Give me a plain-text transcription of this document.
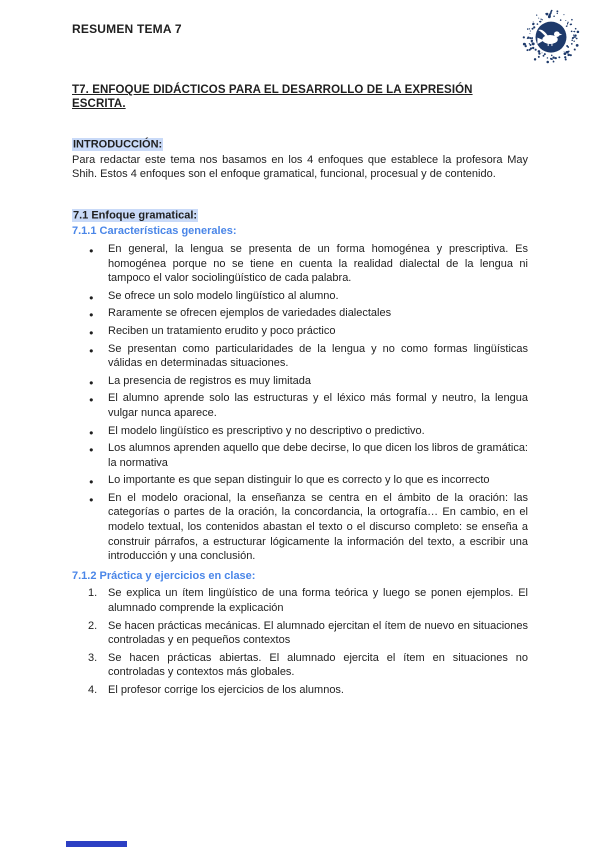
RESUMEN TEMA 7
T7. ENFOQUE DIDÁCTICOS PARA EL DESARROLLO DE LA EXPRESIÓN ESCRITA.
INTRODUCCIÓN:

Para redactar este tema nos basamos en los 4 enfoques que establece la profesora May Shih. Estos 4 enfoques son el enfoque gramatical, funcional, procesual y de contenido.

7.1 Enfoque gramatical:
7.1.1 Características generales:
● En general, la lengua se presenta de un forma homogénea y prescriptiva. Es homogénea porque no se tiene en cuenta la realidad dialectal de la lengua ni tampoco el valor sociolingüístico de cada palabra.
● Se ofrece un solo modelo lingüístico al alumno.
● Raramente se ofrecen ejemplos de variedades dialectales
● Reciben un tratamiento erudito y poco práctico
● Se presentan como particularidades de la lengua y no como formas lingüísticas válidas en determinadas situaciones.
● La presencia de registros es muy limitada
● El alumno aprende solo las estructuras y el léxico más formal y neutro, la lengua vulgar nunca aparece.
● El modelo lingüístico es prescriptivo y no descriptivo o predictivo.
● Los alumnos aprenden aquello que debe decirse, lo que dicen los libros de gramática: la normativa
● Lo importante es que sepan distinguir lo que es correcto y lo que es incorrecto
● En el modelo oracional, la enseñanza se centra en el ámbito de la oración: las categorías o partes de la oración, la concordancia, la ortografía… En cambio, en el modelo textual, los contenidos abastan el texto o el discurso completo: se enseña a construir párrafos, a estructurar lógicamente la información del texto, a escribir una introducción y una conclusión.
7.1.2 Práctica y ejercicios en clase:
Se explica un ítem lingüístico de una forma teórica y luego se ponen ejemplos. El alumnado comprende la explicación
Se hacen prácticas mecánicas. El alumnado ejercitan el ítem de nuevo en situaciones controladas y en pequeños contextos
Se hacen prácticas abiertas. El alumnado ejercita el ítem en situaciones no controladas y contextos más globales.
El profesor corrige los ejercicios de los alumnos.
